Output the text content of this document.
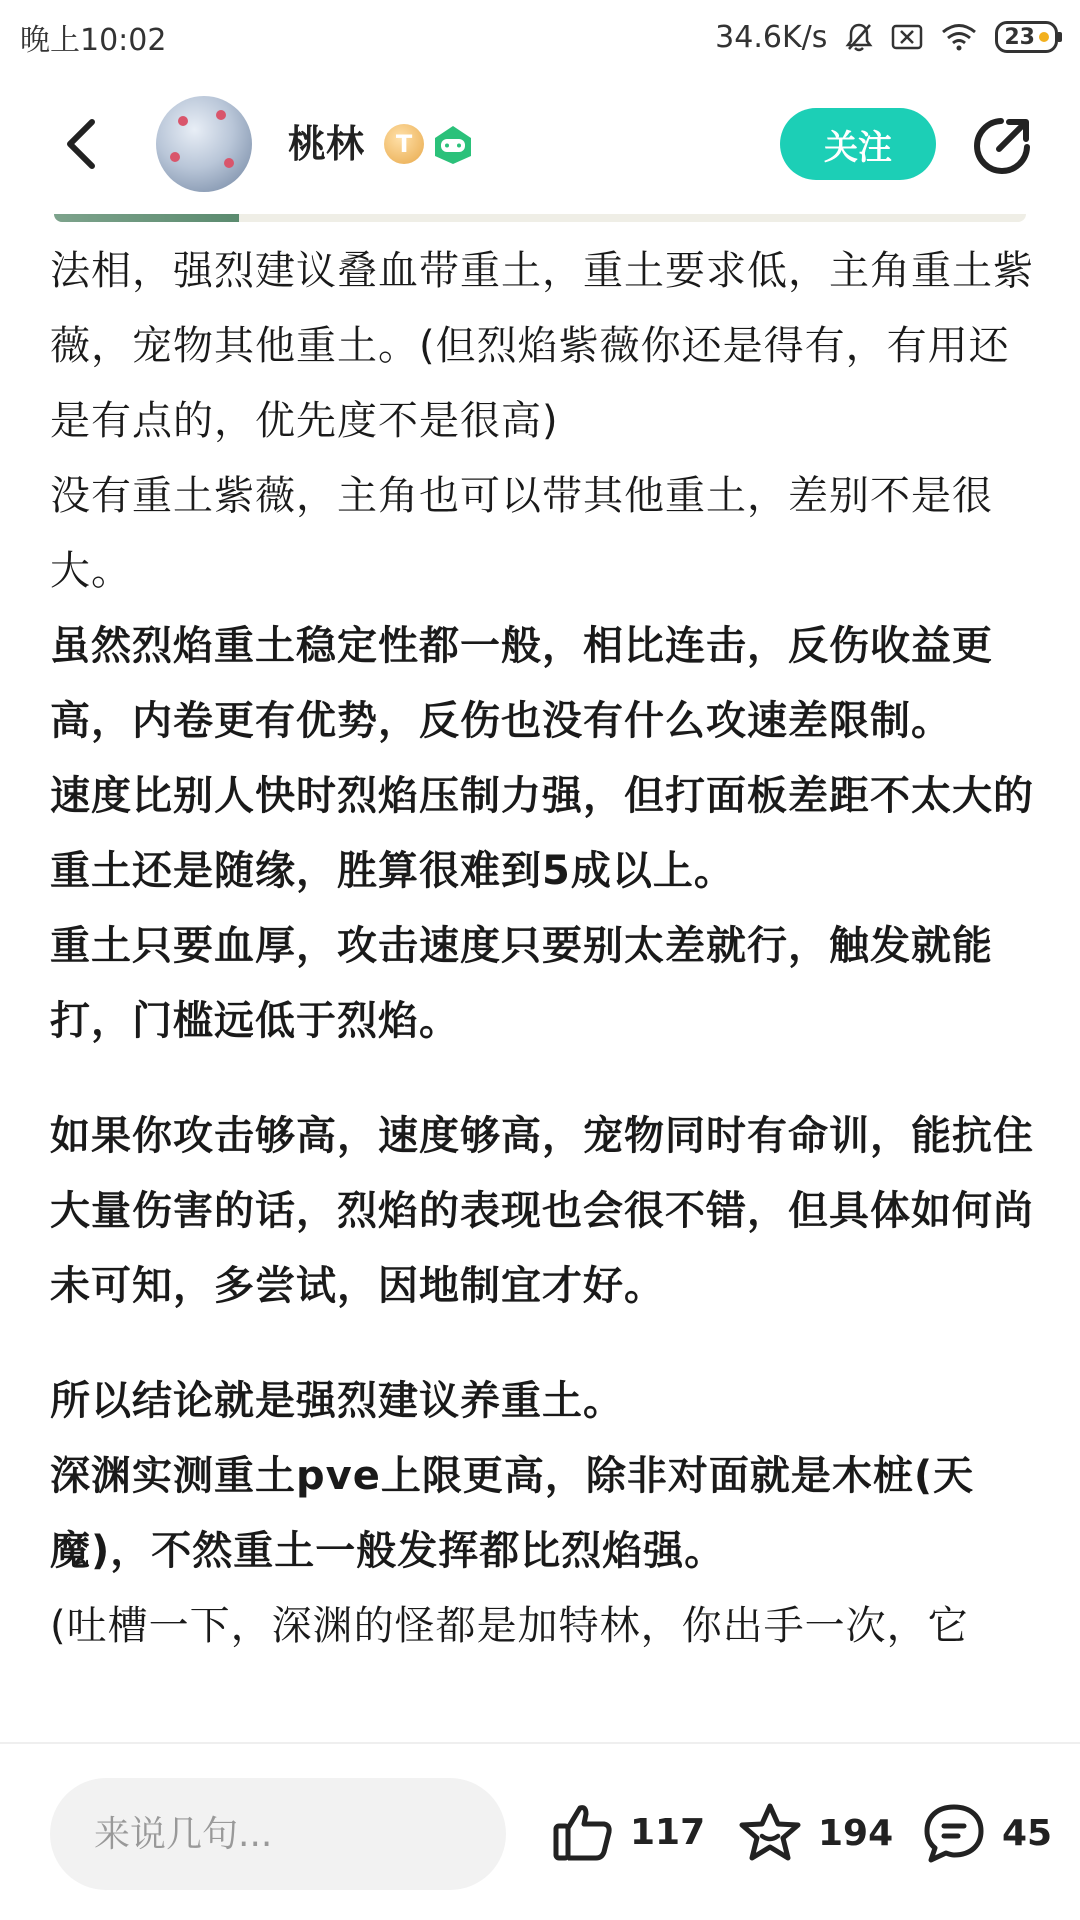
晚上10:02	34.6K/s	23
桃林	T	关注

法相，强烈建议叠血带重土，重土要求低，主角重土紫薇，宠物其他重土。(但烈焰紫薇你还是得有，有用还是有点的，优先度不是很高)

没有重土紫薇，主角也可以带其他重土，差别不是很大。

虽然烈焰重土稳定性都一般，相比连击，反伤收益更高，内卷更有优势，反伤也没有什么攻速差限制。

速度比别人快时烈焰压制力强，但打面板差距不太大的重土还是随缘，胜算很难到5成以上。

重土只要血厚，攻击速度只要别太差就行，触发就能打，门槛远低于烈焰。

如果你攻击够高，速度够高，宠物同时有命训，能抗住大量伤害的话，烈焰的表现也会很不错，但具体如何尚未可知，多尝试，因地制宜才好。

所以结论就是强烈建议养重土。

深渊实测重土pve上限更高，除非对面就是木桩(天魔)，不然重土一般发挥都比烈焰强。

(吐槽一下，深渊的怪都是加特林，你出手一次，它

来说几句...
117	194	45
